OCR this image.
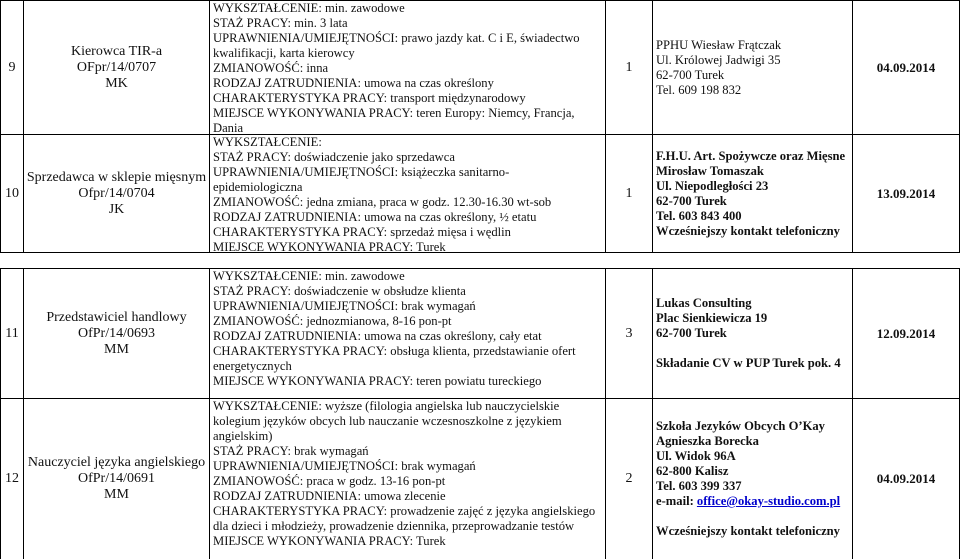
9
Kierowca TIR-a
OFpr/14/0707
MK
WYKSZTAŁCENIE: min. zawodowe
STAŻ PRACY: min. 3 lata
UPRAWNIENIA/UMIEJĘTNOŚCI: prawo jazdy kat. C i E, świadectwo kwalifikacji, karta kierowcy
ZMIANOWOŚĆ: inna
RODZAJ ZATRUDNIENIA: umowa na czas określony
CHARAKTERYSTYKA PRACY: transport międzynarodowy
MIEJSCE WYKONYWANIA PRACY: teren Europy: Niemcy, Francja, Dania
1
PPHU Wiesław Frątczak
Ul. Królowej Jadwigi 35
62-700 Turek
Tel. 609 198 832
04.09.2014
10
Sprzedawca w sklepie mięsnym
Ofpr/14/0704
JK
WYKSZTAŁCENIE:
STAŻ PRACY: doświadczenie jako sprzedawca
UPRAWNIENIA/UMIEJĘTNOŚCI: książeczka sanitarno-epidemiologiczna
ZMIANOWOŚĆ: jedna zmiana, praca w godz. 12.30-16.30 wt-sob
RODZAJ ZATRUDNIENIA: umowa na czas określony, ½ etatu
CHARAKTERYSTYKA PRACY: sprzedaż mięsa i wędlin
MIEJSCE WYKONYWANIA PRACY: Turek
1
F.H.U. Art. Spożywcze oraz Mięsne
Mirosław Tomaszak
Ul. Niepodległości 23
62-700 Turek
Tel. 603 843 400
Wcześniejszy kontakt telefoniczny
13.09.2014
11
Przedstawiciel handlowy
OfPr/14/0693
MM
WYKSZTAŁCENIE: min. zawodowe
STAŻ PRACY: doświadczenie w obsłudze klienta
UPRAWNIENIA/UMIEJĘTNOŚCI: brak wymagań
ZMIANOWOŚĆ: jednozmianowa, 8-16 pon-pt
RODZAJ ZATRUDNIENIA: umowa na czas określony, cały etat
CHARAKTERYSTYKA PRACY: obsługa klienta, przedstawianie ofert energetycznych
MIEJSCE WYKONYWANIA PRACY: teren powiatu tureckiego
3
Lukas Consulting
Plac Sienkiewicza 19
62-700 Turek
Składanie CV w PUP Turek pok. 4
12.09.2014
12
Nauczyciel języka angielskiego
OfPr/14/0691
MM
WYKSZTAŁCENIE: wyższe (filologia angielska lub nauczycielskie kolegium języków obcych lub nauczanie wczesnoszkolne z językiem angielskim)
STAŻ PRACY: brak wymagań
UPRAWNIENIA/UMIEJĘTNOŚCI: brak wymagań
ZMIANOWOŚĆ: praca w godz. 13-16 pon-pt
RODZAJ ZATRUDNIENIA: umowa zlecenie
CHARAKTERYSTYKA PRACY: prowadzenie zajęć z języka angielskiego dla dzieci i młodzieży, prowadzenie dziennika, przeprowadzanie testów
MIEJSCE WYKONYWANIA PRACY: Turek
2
Szkoła Jezyków Obcych O’Kay
Agnieszka Borecka
Ul. Widok 96A
62-800 Kalisz
Tel. 603 399 337
e-mail: office@okay-studio.com.pl
Wcześniejszy kontakt telefoniczny
04.09.2014
